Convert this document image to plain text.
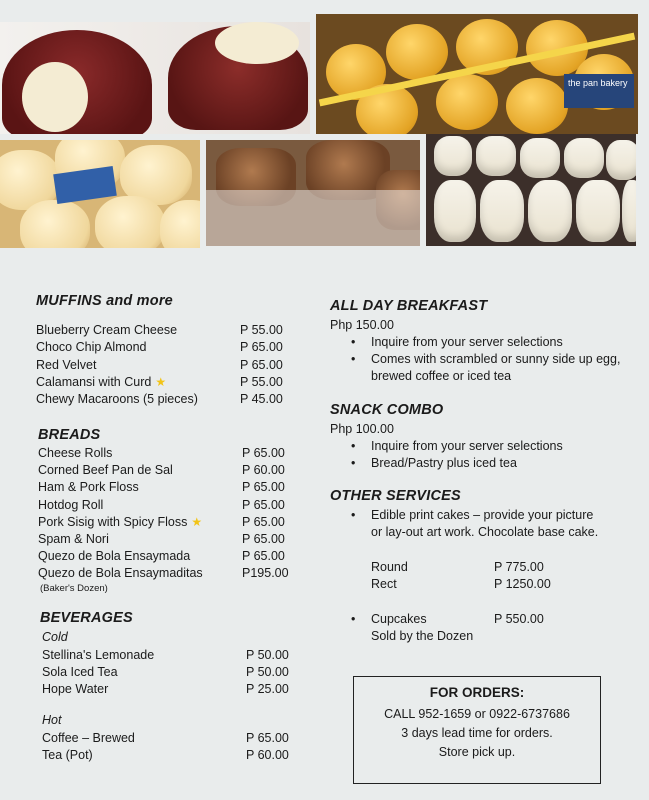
the pan bakery
MUFFINS and more
Blueberry Cream Cheese	P 55.00
Choco Chip Almond	P 65.00
Red Velvet	P 65.00
Calamansi with Curd ★	P 55.00
Chewy Macaroons (5 pieces)	P 45.00
BREADS
Cheese Rolls	P 65.00
Corned Beef Pan de Sal	P 60.00
Ham & Pork Floss	P 65.00
Hotdog Roll	P 65.00
Pork Sisig with Spicy Floss ★	P 65.00
Spam & Nori	P 65.00
Quezo de Bola Ensaymada	P 65.00
Quezo de Bola Ensaymaditas	P195.00
(Baker's Dozen)
BEVERAGES
Cold
Stellina's Lemonade	P 50.00
Sola Iced Tea	P 50.00
Hope Water	P 25.00
Hot
Coffee – Brewed	P 65.00
Tea (Pot)	P 60.00
ALL DAY BREAKFAST
Php 150.00
• Inquire from your server selections
• Comes with scrambled or sunny side up egg,
brewed coffee or iced tea
SNACK COMBO
Php 100.00
• Inquire from your server selections
• Bread/Pastry plus iced tea
OTHER SERVICES
• Edible print cakes – provide your picture
or lay-out art work. Chocolate base cake.
Round	P 775.00
Rect	P 1250.00
• Cupcakes	P 550.00
Sold by the Dozen
FOR ORDERS:
CALL 952-1659 or 0922-6737686
3 days lead time for orders.
Store pick up.
